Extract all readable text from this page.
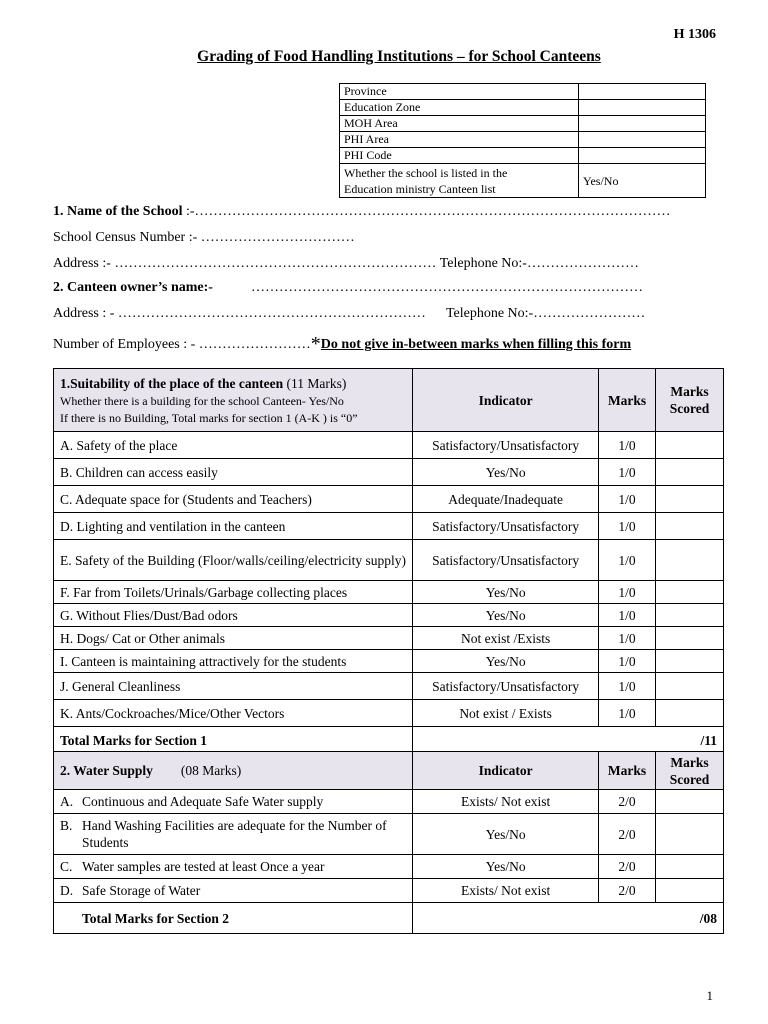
H 1306
Grading of Food Handling Institutions – for School Canteens
Province	
Education Zone	
MOH Area	
PHI Area	
PHI Code	
Whether the school is listed in the
Education ministry Canteen list	Yes/No
1. Name of the School :-…………………………………………………………………………………………
School Census Number :- ……………………………
Address :- …………………………………………………………… Telephone No:-……………………
2. Canteen owner’s name:-	…………………………………………………………………………
Address : - ………………………………………………………… Telephone No:-……………………
Number of Employees : - ……………………*Do not give in-between marks when filling this form
1.Suitability of the place of the canteen (11 Marks)
Whether there is a building for the school Canteen- Yes/No
If there is no Building, Total marks for section 1 (A-K ) is “0”	Indicator	Marks	Marks Scored
A. Safety of the place	Satisfactory/Unsatisfactory	1/0	
B. Children can access easily	Yes/No	1/0	
C. Adequate space for (Students and Teachers)	Adequate/Inadequate	1/0	
D. Lighting and ventilation in the canteen	Satisfactory/Unsatisfactory	1/0	
E. Safety of the Building (Floor/walls/ceiling/electricity supply)	Satisfactory/Unsatisfactory	1/0	
F. Far from Toilets/Urinals/Garbage collecting places	Yes/No	1/0	
G. Without Flies/Dust/Bad odors	Yes/No	1/0	
H. Dogs/ Cat or Other animals	Not exist /Exists	1/0	
I. Canteen is maintaining attractively for the students	Yes/No	1/0	
J. General Cleanliness	Satisfactory/Unsatisfactory	1/0	
K. Ants/Cockroaches/Mice/Other Vectors	Not exist / Exists	1/0	
Total Marks for Section 1	/11		
2. Water Supply (08 Marks)	Indicator	Marks	Marks Scored
A. Continuous and Adequate Safe Water supply	Exists/ Not exist	2/0	

B. Hand Washing Facilities are adequate for the Number of Students	Yes/No	2/0	
C. Water samples are tested at least Once a year	Yes/No	2/0	
D. Safe Storage of Water	Exists/ Not exist	2/0	
Total Marks for Section 2	/08		
1
